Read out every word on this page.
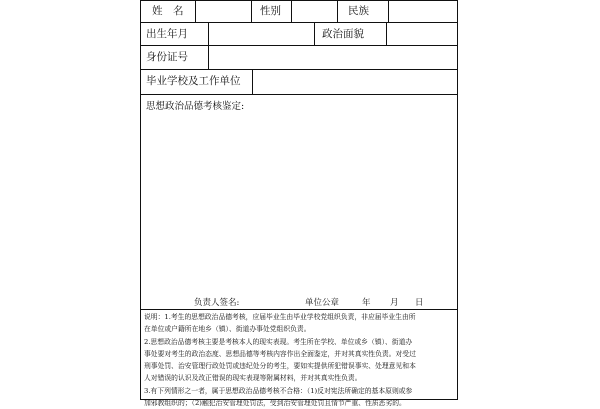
姓　名	性别	民族
出生年月	政治面貌
身份证号
毕业学校及工作单位
思想政治品德考核鉴定:
负责人签名:	单位公章	年 月 日

说明：1.考生的思想政治品德考核，应届毕业生由毕业学校党组织负责，非应届毕业生由所

在单位或户籍所在地乡（镇）、街道办事处党组织负责。

2.思想政治品德考核主要是考核本人的现实表现。考生所在学校、单位或乡（镇）、街道办

事处要对考生的政治态度、思想品德等考核内容作出全面鉴定，并对其真实性负责。对受过

刑事处罚、治安管理行政处罚或违纪处分的考生，要如实提供所犯错误事实、处理意见和本

人对错误的认识及改正错误的现实表现等附属材料，并对其真实性负责。

3.有下列情形之一者，属于思想政治品德考核不合格：（1)反对宪法所确定的基本原则或参

加邪教组织的；（2)触犯治安管理处罚法，受到治安管理处罚且情节严重、性质恶劣的。
